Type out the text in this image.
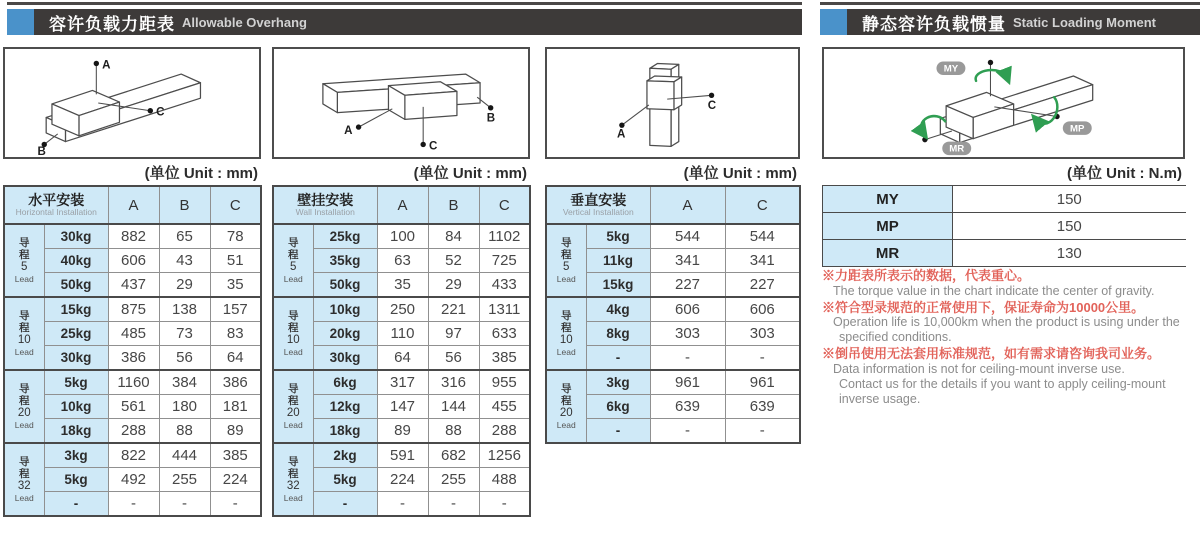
容许负载力距表 Allowable Overhang	静态容许负载惯量 Static Loading Moment
A
C
B
A
B
C
A
C
MY
MP
MR
(单位 Unit : mm)	(单位 Unit : mm)	(单位 Unit : mm)	(单位 Unit : N.m)
水平安装
Horizontal Installation		A	B	C

导
程
5
Lead	30kg	882	65	78
	40kg	606	43	51
	50kg	437	29	35

导
程
10
Lead	15kg	875	138	157
	25kg	485	73	83
	30kg	386	56	64

导
程
20
Lead	5kg	1160	384	386
	10kg	561	180	181
	18kg	288	88	89

导
程
32
Lead	3kg	822	444	385
	5kg	492	255	224
	-	-	-	-
壁挂安装
Wall Installation		A	B	C

导
程
5
Lead	25kg	100	84	1102
	35kg	63	52	725
	50kg	35	29	433

导
程
10
Lead	10kg	250	221	1311
	20kg	110	97	633
	30kg	64	56	385

导
程
20
Lead	6kg	317	316	955
	12kg	147	144	455
	18kg	89	88	288

导
程
32
Lead	2kg	591	682	1256
	5kg	224	255	488
	-	-	-	-
垂直安装
Vertical Installation		A	C

导
程
5
Lead	5kg	544	544
	11kg	341	341
	15kg	227	227

导
程
10
Lead	4kg	606	606
	8kg	303	303
	-	-	-

导
程
20
Lead	3kg	961	961
	6kg	639	639
	-	-	-
MY	150
MP	150
MR	130
※力距表所表示的数据，代表重心。
The torque value in the chart indicate the center of gravity.
※符合型录规范的正常使用下，保证寿命为10000公里。
Operation life is 10,000km when the product is using under the
specified conditions.
※倒吊使用无法套用标准规范，如有需求请咨询我司业务。
Data information is not for ceiling-mount inverse use.
Contact us for the details if you want to apply ceiling-mount
inverse usage.
